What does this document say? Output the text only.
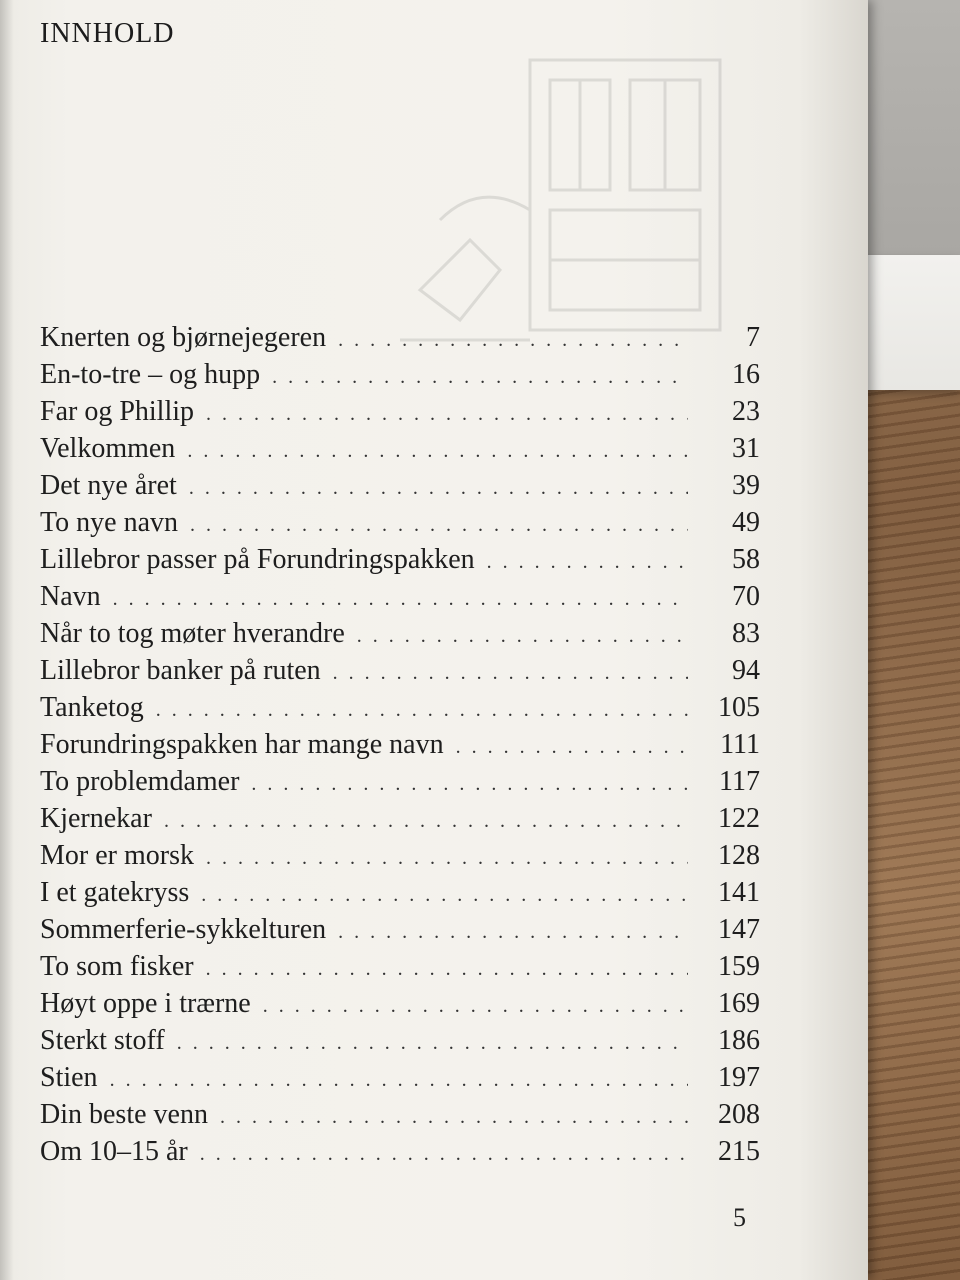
INNHOLD
Knerten og bjørnejegeren . . .	7
En-to-tre – og hupp . . .	16
Far og Phillip . . .	23
Velkommen . . .	31
Det nye året . . .	39
To nye navn . . .	49
Lillebror passer på Forundringspakken . . .	58
Navn . . .	70
Når to tog møter hverandre . . .	83
Lillebror banker på ruten . . .	94
Tanketog . . .	105
Forundringspakken har mange navn . . .	111
To problemdamer . . .	117
Kjernekar . . .	122
Mor er morsk . . .	128
I et gatekryss . . .	141
Sommerferie-sykkelturen . . .	147
To som fisker . . .	159
Høyt oppe i trærne . . .	169
Sterkt stoff . . .	186
Stien . . .	197
Din beste venn . . .	208
Om 10–15 år . . .	215
5
